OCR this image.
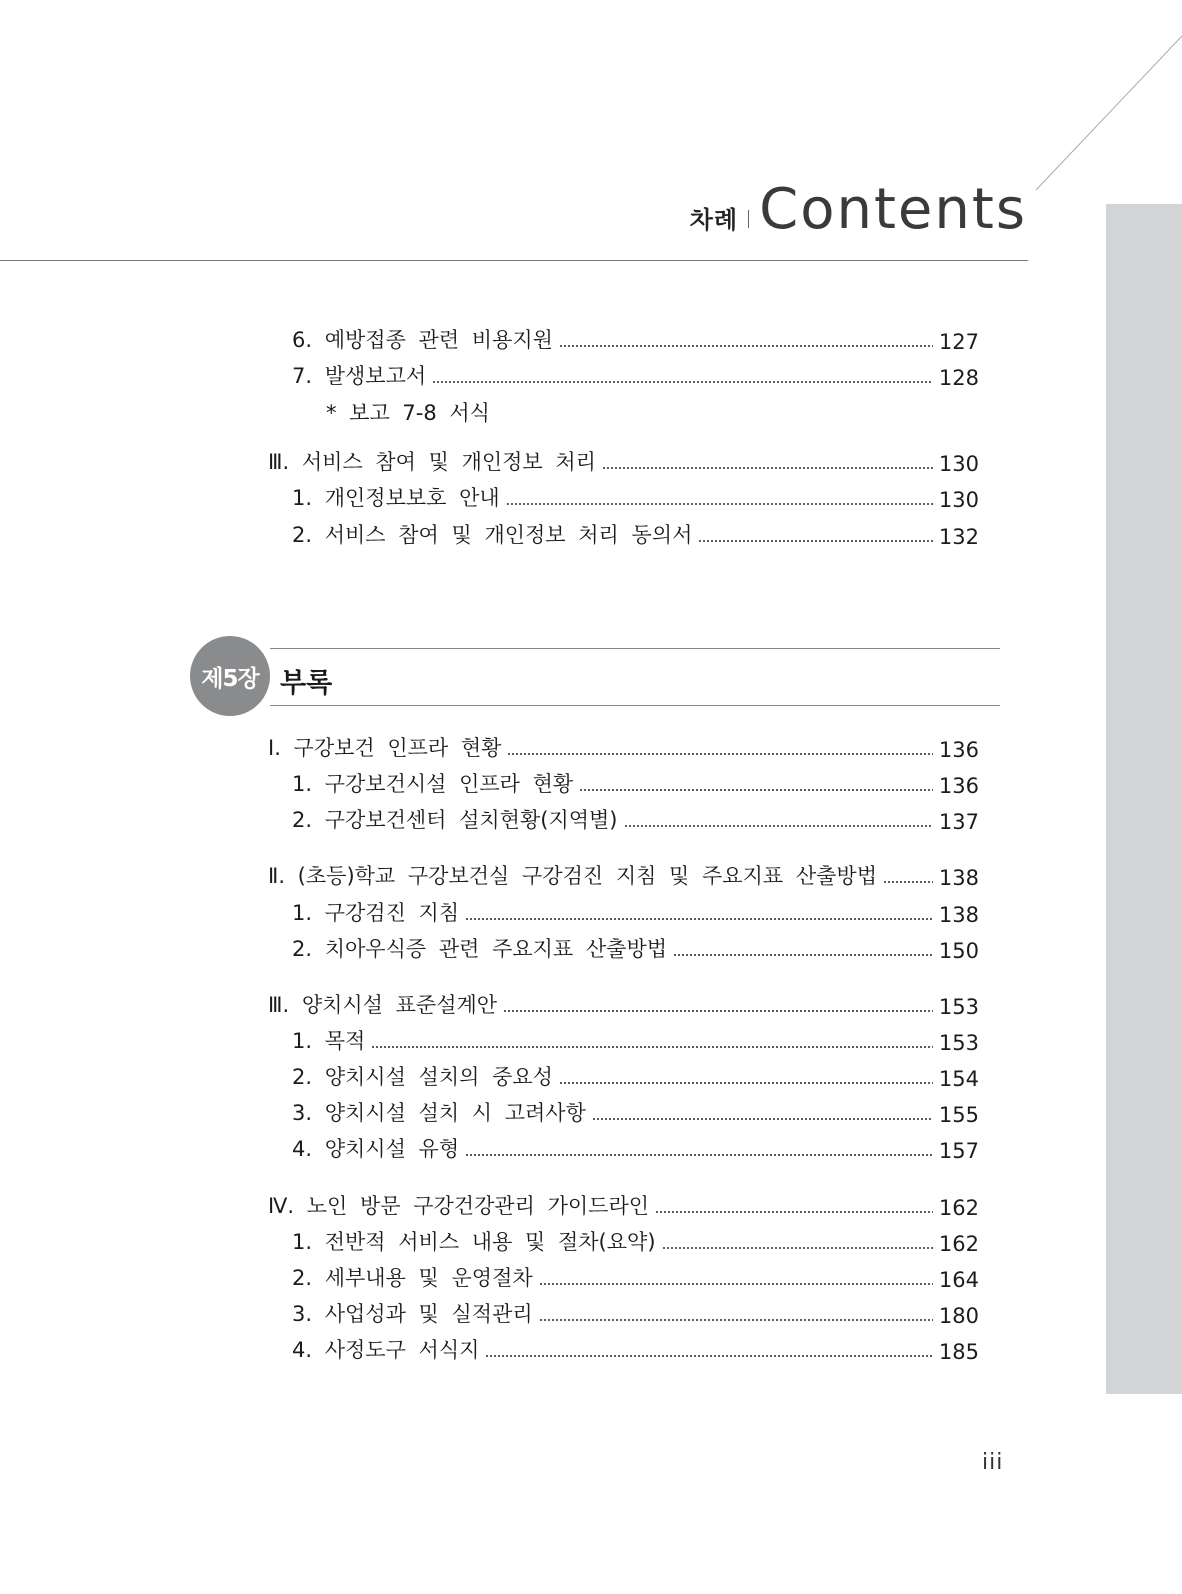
차례 Contents
6. 예방접종 관련 비용지원	127
7. 발생보고서	128
* 보고 7-8 서식
Ⅲ. 서비스 참여 및 개인정보 처리	130
1. 개인정보보호 안내	130
2. 서비스 참여 및 개인정보 처리 동의서	132
제5장 부록
Ⅰ. 구강보건 인프라 현황	136
1. 구강보건시설 인프라 현황	136
2. 구강보건센터 설치현황(지역별)	137
Ⅱ. (초등)학교 구강보건실 구강검진 지침 및 주요지표 산출방법	138
1. 구강검진 지침	138
2. 치아우식증 관련 주요지표 산출방법	150
Ⅲ. 양치시설 표준설계안	153
1. 목적	153
2. 양치시설 설치의 중요성	154
3. 양치시설 설치 시 고려사항	155
4. 양치시설 유형	157
Ⅳ. 노인 방문 구강건강관리 가이드라인	162
1. 전반적 서비스 내용 및 절차(요약)	162
2. 세부내용 및 운영절차	164
3. 사업성과 및 실적관리	180
4. 사정도구 서식지	185
iii
